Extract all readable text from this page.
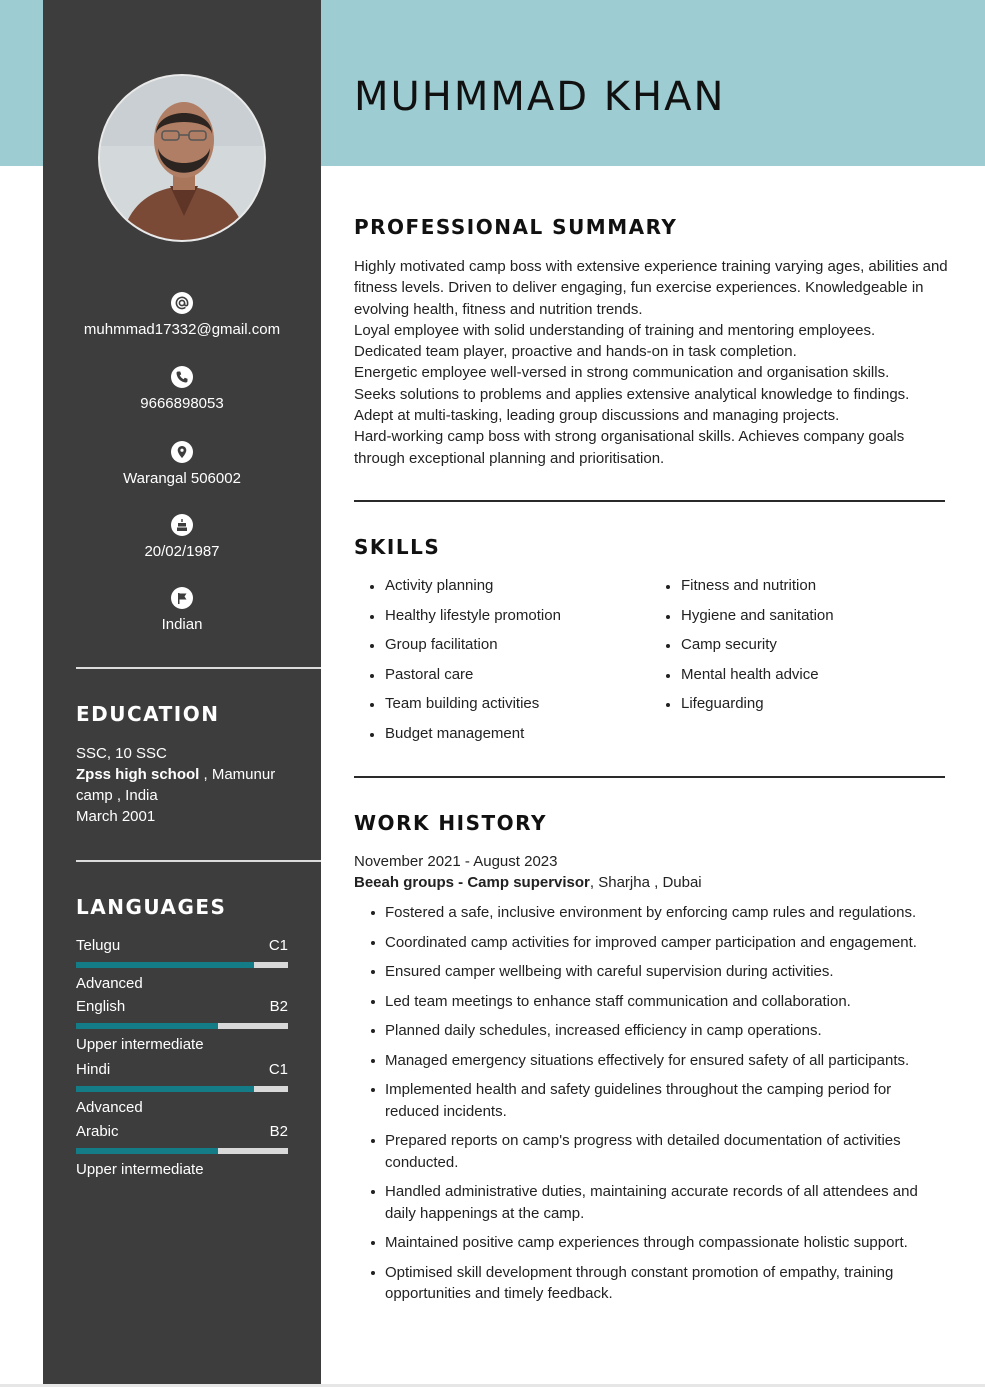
muhmmad17332@gmail.com
9666898053
Warangal 506002
20/02/1987
Indian
EDUCATION
SSC, 10 SSC
Zpss high school , Mamunur camp , India
March 2001
LANGUAGES
Telugu	C1
Advanced
English	B2
Upper intermediate
Hindi	C1
Advanced
Arabic	B2
Upper intermediate
MUHMMAD KHAN
PROFESSIONAL SUMMARY
Highly motivated camp boss with extensive experience training varying ages, abilities and fitness levels. Driven to deliver engaging, fun exercise experiences. Knowledgeable in evolving health, fitness and nutrition trends.
Loyal employee with solid understanding of training and mentoring employees.
Dedicated team player, proactive and hands-on in task completion.
Energetic employee well-versed in strong communication and organisation skills.
Seeks solutions to problems and applies extensive analytical knowledge to findings.
Adept at multi-tasking, leading group discussions and managing projects.
Hard-working camp boss with strong organisational skills. Achieves company goals through exceptional planning and prioritisation.
SKILLS
Activity planning
Healthy lifestyle promotion
Group facilitation
Pastoral care
Team building activities
Budget management
Fitness and nutrition
Hygiene and sanitation
Camp security
Mental health advice
Lifeguarding
WORK HISTORY
November 2021 - August 2023
Beeah groups - Camp supervisor, Sharjha , Dubai
Fostered a safe, inclusive environment by enforcing camp rules and regulations.
Coordinated camp activities for improved camper participation and engagement.
Ensured camper wellbeing with careful supervision during activities.
Led team meetings to enhance staff communication and collaboration.
Planned daily schedules, increased efficiency in camp operations.
Managed emergency situations effectively for ensured safety of all participants.
Implemented health and safety guidelines throughout the camping period for reduced incidents.
Prepared reports on camp's progress with detailed documentation of activities conducted.
Handled administrative duties, maintaining accurate records of all attendees and daily happenings at the camp.
Maintained positive camp experiences through compassionate holistic support.
Optimised skill development through constant promotion of empathy, training opportunities and timely feedback.
